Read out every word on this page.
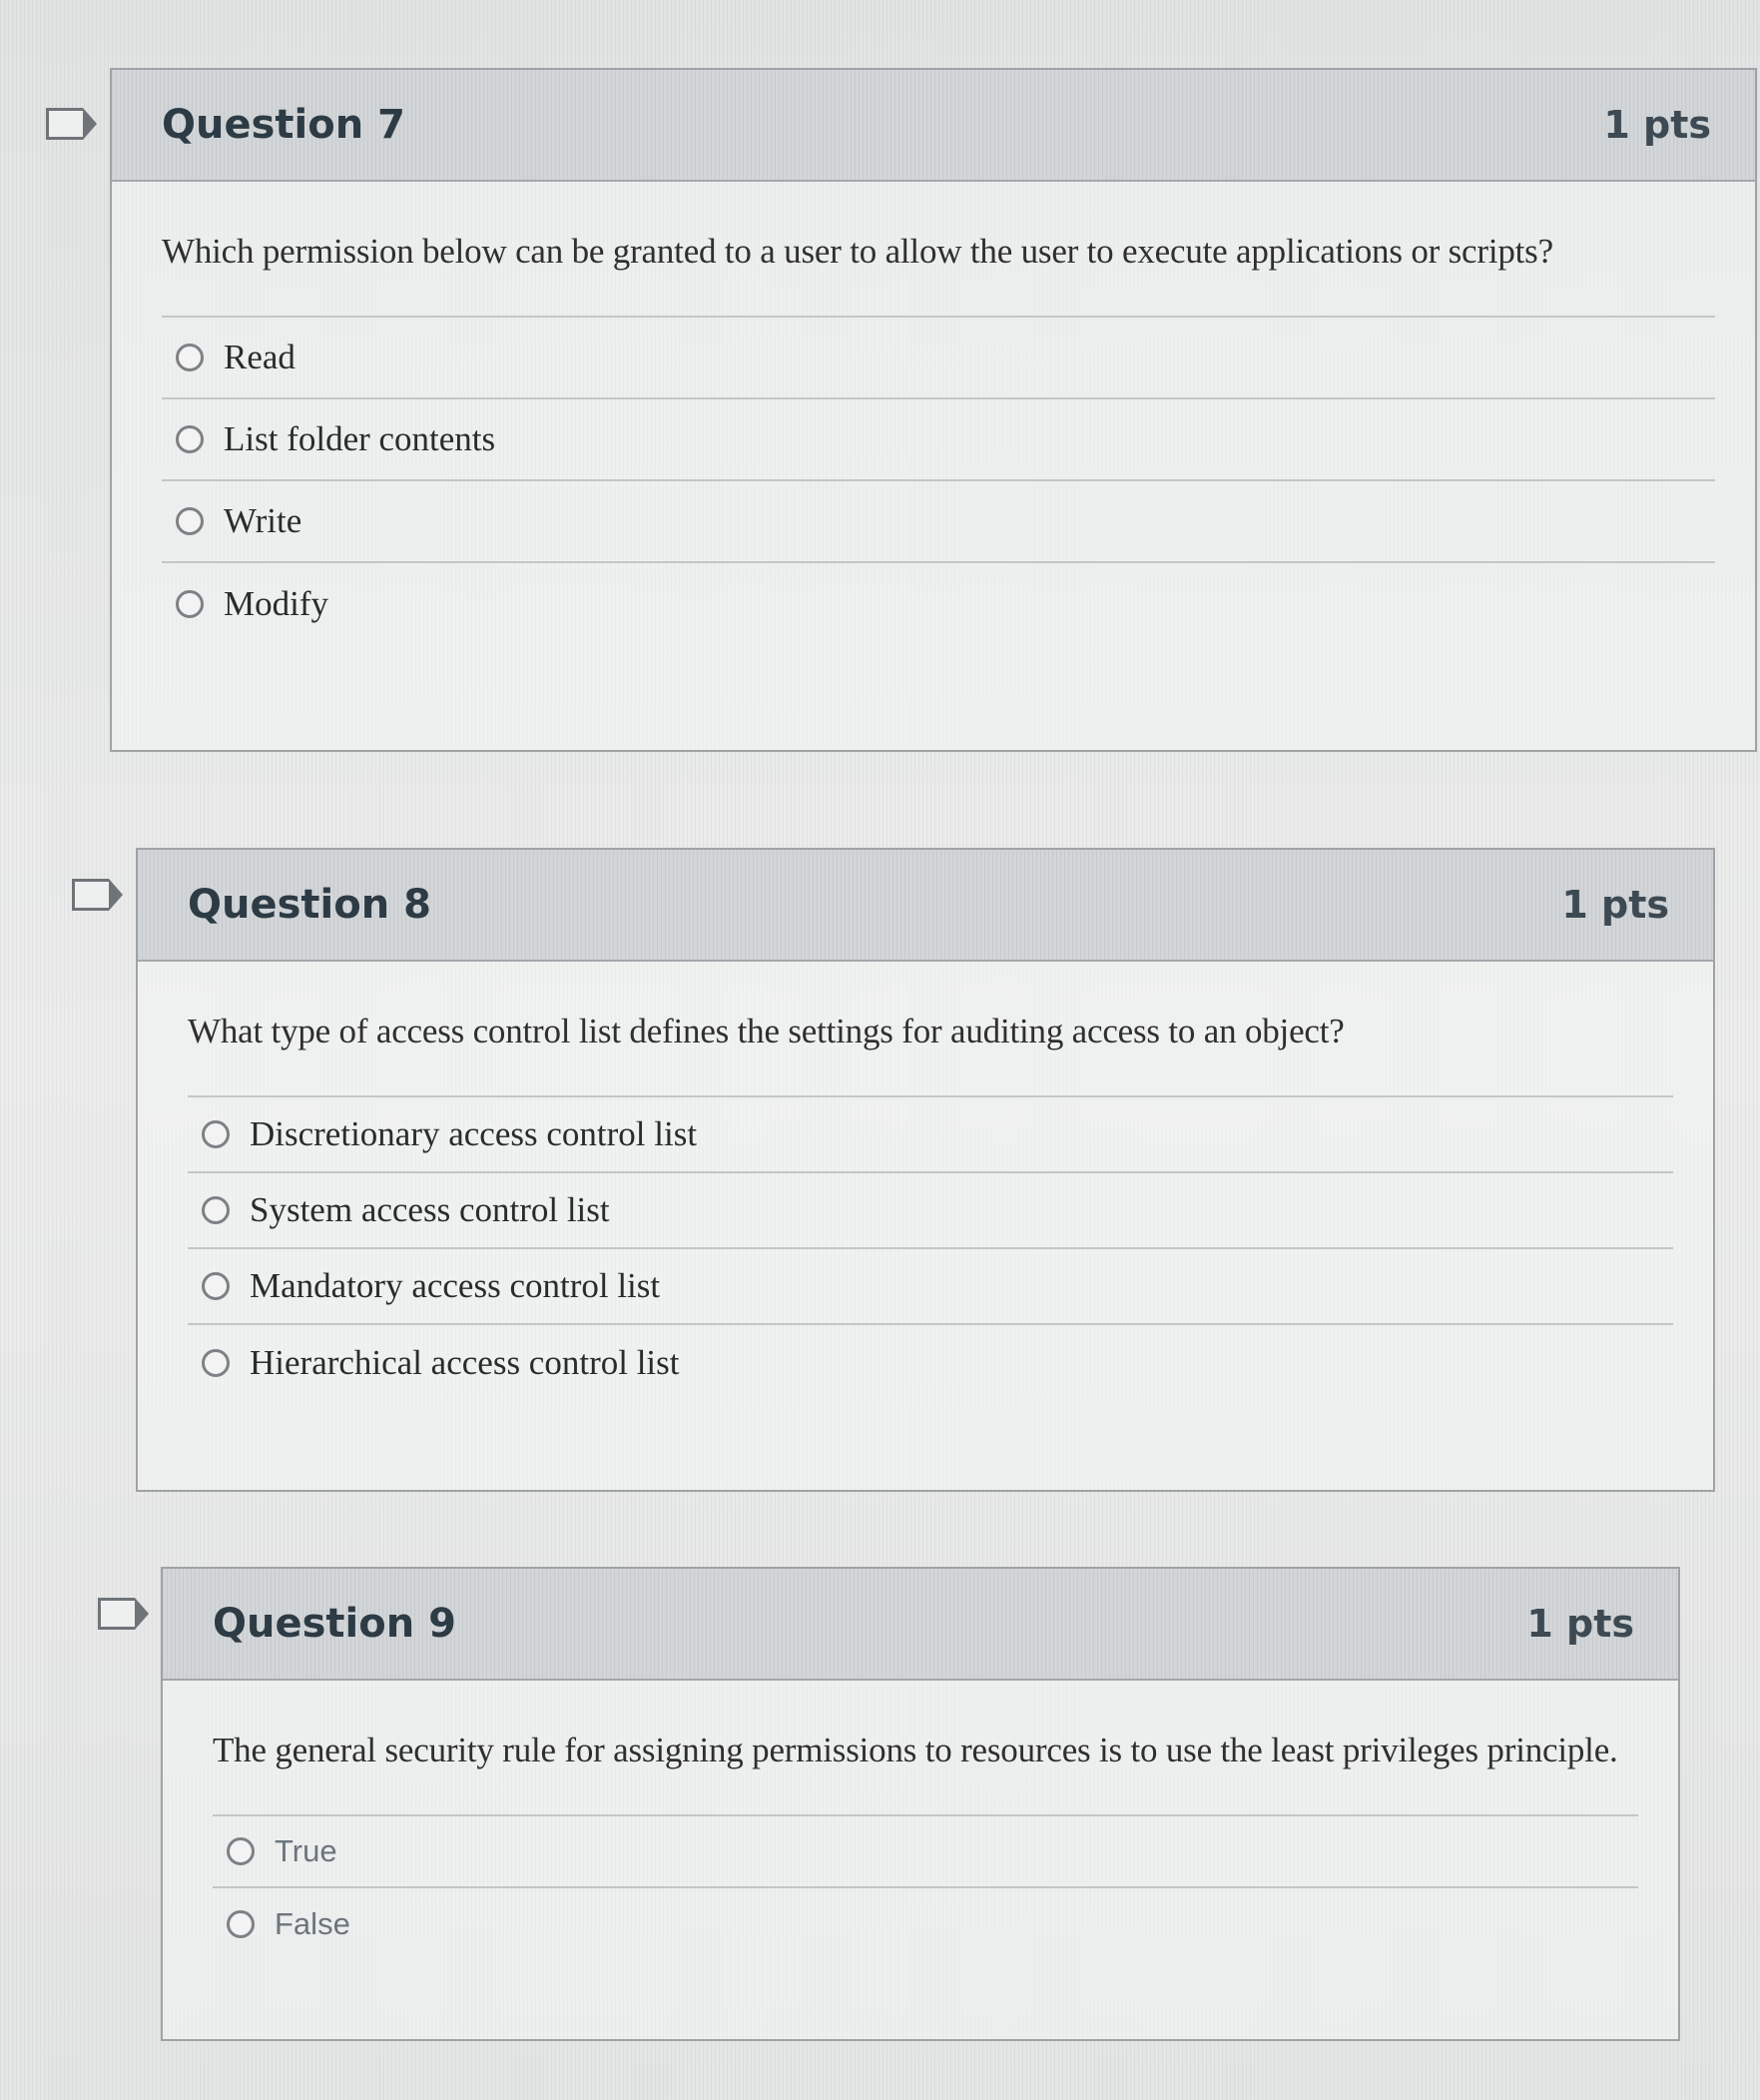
Question 7	1 pts

Which permission below can be granted to a user to allow the user to execute applications or scripts?

Read
List folder contents
Write
Modify
Question 8	1 pts

What type of access control list defines the settings for auditing access to an object?

Discretionary access control list
System access control list
Mandatory access control list
Hierarchical access control list
Question 9	1 pts

The general security rule for assigning permissions to resources is to use the least privileges principle.

True
False
